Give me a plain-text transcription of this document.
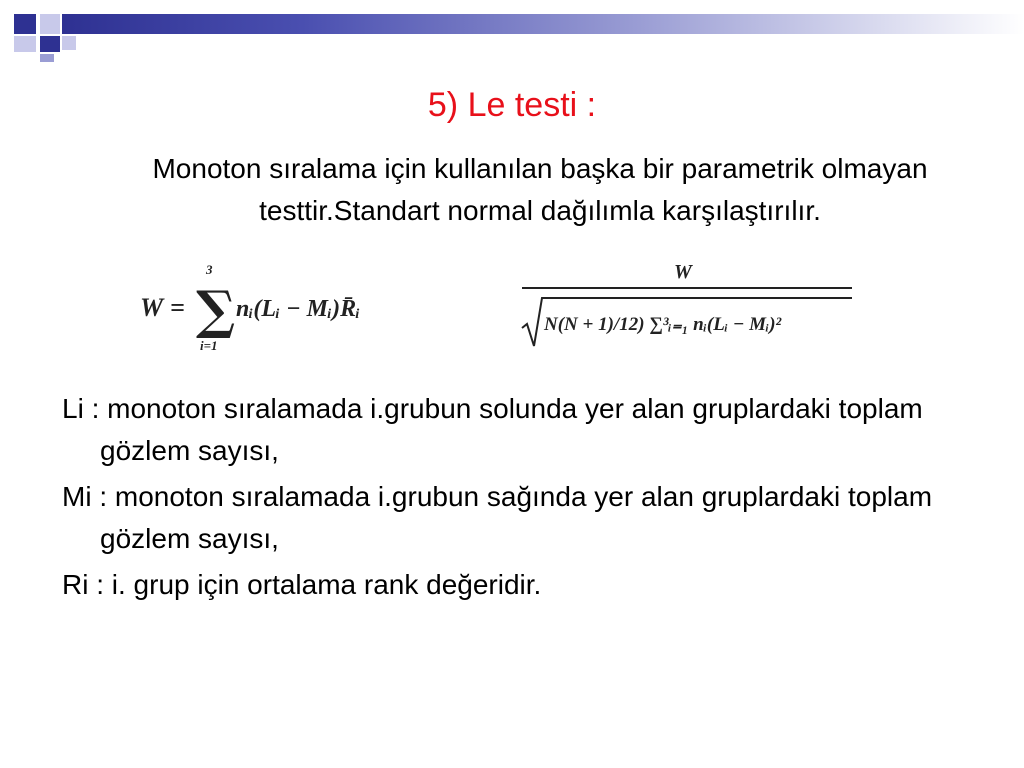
5) Le testi :
Monoton sıralama için kullanılan başka bir parametrik olmayan testtir.Standart normal dağılımla karşılaştırılır.
W =
3
∑
i=1
nᵢ(Lᵢ − Mᵢ)R̄ᵢ
W
N(N + 1)/12) ∑³ᵢ₌₁ nᵢ(Lᵢ − Mᵢ)²
Li : monoton sıralamada i.grubun solunda yer alan gruplardaki toplam gözlem sayısı,
Mi : monoton sıralamada i.grubun sağında yer alan gruplardaki toplam gözlem sayısı,
Ri : i. grup için ortalama rank değeridir.
